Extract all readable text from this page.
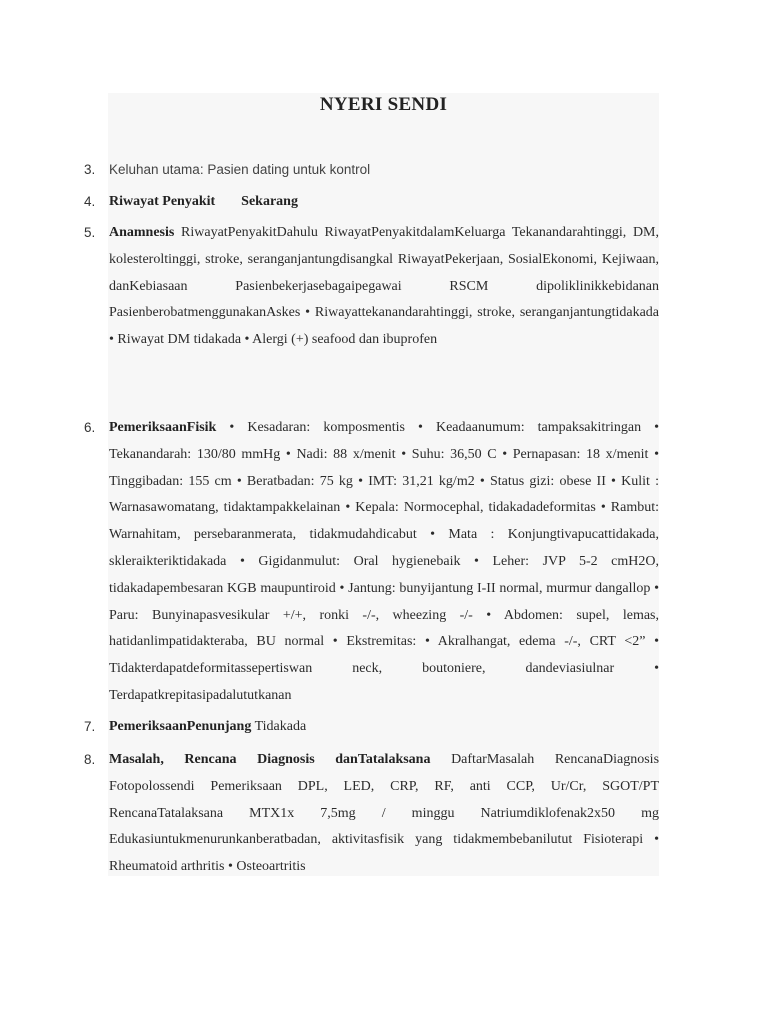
NYERI SENDI
3.	Keluhan utama: Pasien dating untuk kontrol
4. Riwayat Penyakit Sekarang
5. Anamnesis RiwayatPenyakitDahulu RiwayatPenyakitdalamKeluarga Tekanandarahtinggi, DM, kolesteroltinggi, stroke, seranganjantungdisangkal RiwayatPekerjaan, SosialEkonomi, Kejiwaan, danKebiasaan Pasienbekerjasebagaipegawai RSCM dipoliklinikkebidanan PasienberobatmenggunakanAskes • Riwayattekanandarahtinggi, stroke, seranganjantungtidakada • Riwayat DM tidakada • Alergi (+) seafood dan ibuprofen
6. PemeriksaanFisik • Kesadaran: komposmentis • Keadaanumum: tampaksakitringan • Tekanandarah: 130/80 mmHg • Nadi: 88 x/menit • Suhu: 36,50 C • Pernapasan: 18 x/menit • Tinggibadan: 155 cm • Beratbadan: 75 kg • IMT: 31,21 kg/m2 • Status gizi: obese II • Kulit : Warnasawomatang, tidaktampakkelainan • Kepala: Normocephal, tidakadadeformitas • Rambut: Warnahitam, persebaranmerata, tidakmudahdicabut • Mata : Konjungtivapucattidakada, skleraikteriktidakada • Gigidanmulut: Oral hygienebaik • Leher: JVP 5-2 cmH2O, tidakadapembesaran KGB maupuntiroid • Jantung: bunyijantung I-II normal, murmur dangallop • Paru: Bunyinapasvesikular +/+, ronki -/-, wheezing -/- • Abdomen: supel, lemas, hatidanlimpatidakteraba, BU normal • Ekstremitas: • Akralhangat, edema -/-, CRT <2” • Tidakterdapatdeformitassepertiswan neck, boutoniere, dandeviasiulnar • Terdapatkrepitasipadalututkanan
7. PemeriksaanPenunjang Tidakada
8. Masalah, Rencana Diagnosis danTatalaksana DaftarMasalah RencanaDiagnosis Fotopolossendi Pemeriksaan DPL, LED, CRP, RF, anti CCP, Ur/Cr, SGOT/PT RencanaTatalaksana MTX1x 7,5mg / minggu Natriumdiklofenak2x50 mg Edukasiuntukmenurunkanberatbadan, aktivitasfisik yang tidakmembebanilutut Fisioterapi • Rheumatoid arthritis • Osteoartritis
